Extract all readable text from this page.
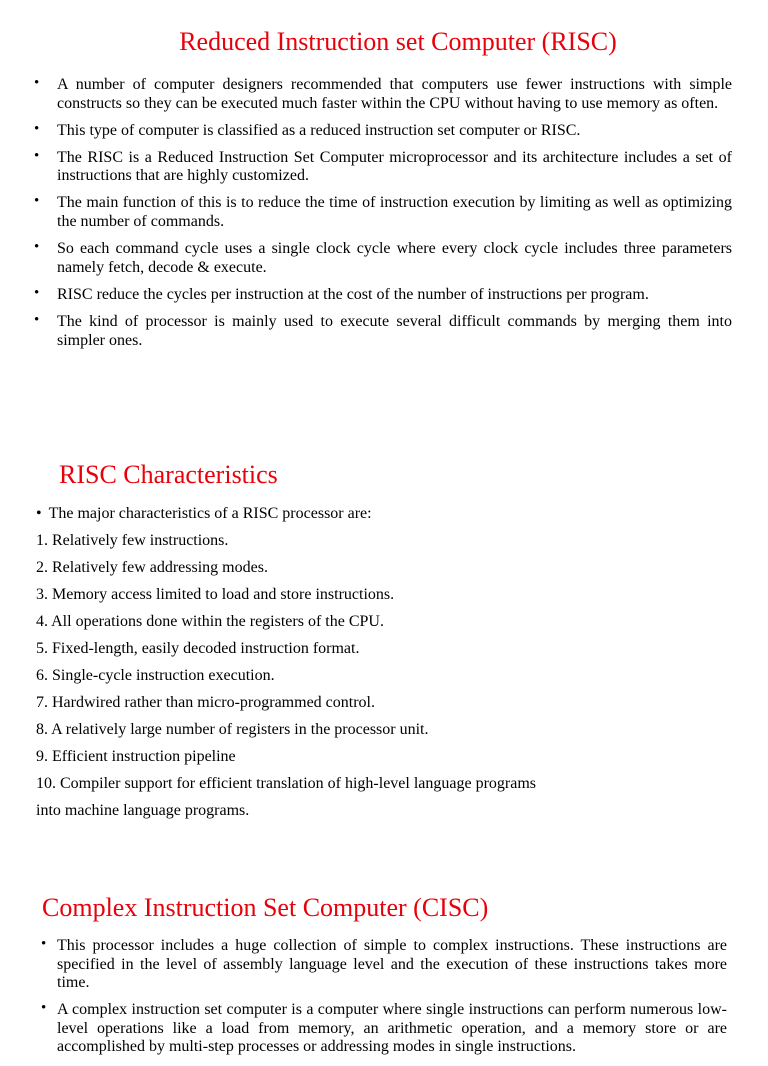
Reduced Instruction set Computer (RISC)
• A number of computer designers recommended that computers use fewer instructions with simple constructs so they can be executed much faster within the CPU without having to use memory as often.
• This type of computer is classified as a reduced instruction set computer or RISC.
• The RISC is a Reduced Instruction Set Computer microprocessor and its architecture includes a set of instructions that are highly customized.
• The main function of this is to reduce the time of instruction execution by limiting as well as optimizing the number of commands.
• So each command cycle uses a single clock cycle where every clock cycle includes three parameters namely fetch, decode & execute.
• RISC reduce the cycles per instruction at the cost of the number of instructions per program.
• The kind of processor is mainly used to execute several difficult commands by merging them into simpler ones.
RISC Characteristics

• The major characteristics of a RISC processor are:

1. Relatively few instructions.

2. Relatively few addressing modes.

3. Memory access limited to load and store instructions.

4. All operations done within the registers of the CPU.

5. Fixed-length, easily decoded instruction format.

6. Single-cycle instruction execution.

7. Hardwired rather than micro-programmed control.

8. A relatively large number of registers in the processor unit.

9. Efficient instruction pipeline

10. Compiler support for efficient translation of high-level language programs

into machine language programs.

Complex Instruction Set Computer (CISC)
• This processor includes a huge collection of simple to complex instructions. These instructions are specified in the level of assembly language level and the execution of these instructions takes more time.
• A complex instruction set computer is a computer where single instructions can perform numerous low-level operations like a load from memory, an arithmetic operation, and a memory store or are accomplished by multi-step processes or addressing modes in single instructions.
